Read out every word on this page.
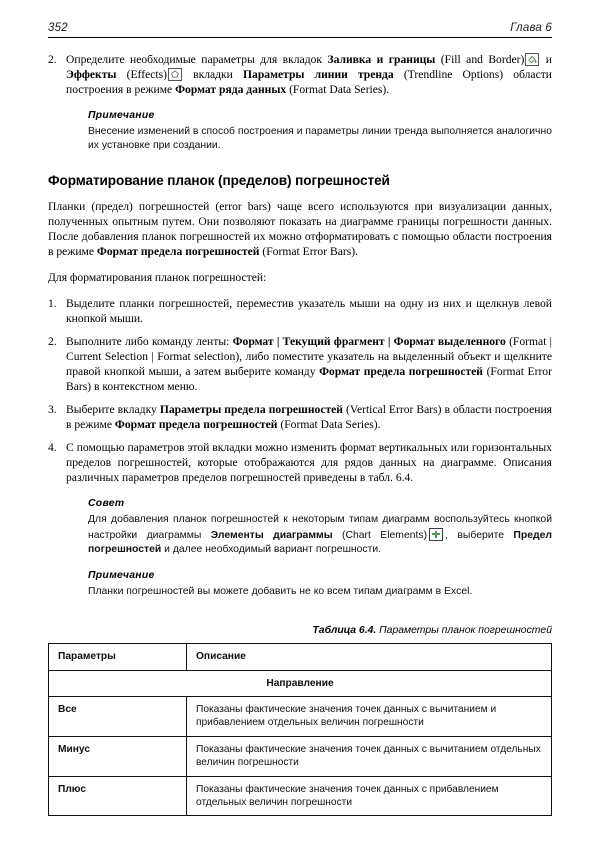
352	Глава 6
2. Определите необходимые параметры для вкладок Заливка и границы (Fill and Border)
и Эффекты (Effects)
вкладки Параметры линии тренда (Trendline Options) области построения в режиме Формат ряда данных (Format Data Series).
Примечание
Внесение изменений в способ построения и параметры линии тренда выполняется аналогично их установке при создании.
Форматирование планок (пределов) погрешностей

Планки (предел) погрешностей (error bars) чаще всего используются при визуализации данных, полученных опытным путем. Они позволяют показать на диаграмме границы погрешности данных. После добавления планок погрешностей их можно отформатировать с помощью области построения в режиме Формат предела погрешностей (Format Error Bars).

Для форматирования планок погрешностей:

1. Выделите планки погрешностей, переместив указатель мыши на одну из них и щелкнув левой кнопкой мыши.
2. Выполните либо команду ленты: Формат | Текущий фрагмент | Формат выделенного (Format | Current Selection | Format selection), либо поместите указатель на выделенный объект и щелкните правой кнопкой мыши, а затем выберите команду Формат предела погрешностей (Format Error Bars) в контекстном меню.
3. Выберите вкладку Параметры предела погрешностей (Vertical Error Bars) в области построения в режиме Формат предела погрешностей (Format Data Series).
4. С помощью параметров этой вкладки можно изменить формат вертикальных или горизонтальных пределов погрешностей, которые отображаются для рядов данных на диаграмме. Описания различных параметров пределов погрешностей приведены в табл. 6.4.
Совет
Для добавления планок погрешностей к некоторым типам диаграмм воспользуйтесь кнопкой настройки диаграммы Элементы диаграммы (Chart Elements) , выберите Предел погрешностей и далее необходимый вариант погрешности.
Примечание
Планки погрешностей вы можете добавить не ко всем типам диаграмм в Excel.
Таблица 6.4. Параметры планок погрешностей
Параметры	Описание
Направление	
Все	Показаны фактические значения точек данных с вычитанием и прибавлением отдельных величин погрешности
Минус	Показаны фактические значения точек данных с вычитанием отдельных величин погрешности
Плюс	Показаны фактические значения точек данных с прибавлением отдельных величин погрешности
